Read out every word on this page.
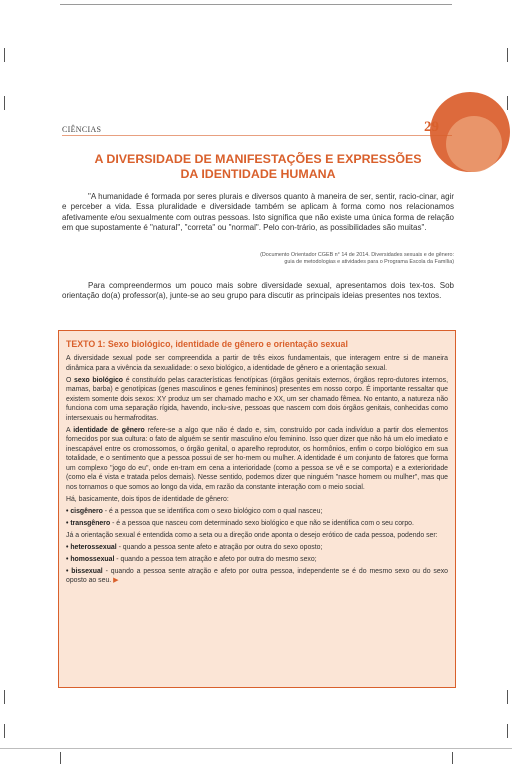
CIÊNCIAS	29
A DIVERSIDADE DE MANIFESTAÇÕES E EXPRESSÕES
DA IDENTIDADE HUMANA
"A humanidade é formada por seres plurais e diversos quanto à maneira de ser, sentir, racio-cinar, agir e perceber a vida. Essa pluralidade e diversidade também se aplicam à forma como nos relacionamos afetivamente e/ou sexualmente com outras pessoas. Isto significa que não existe uma única forma de relação em que supostamente é "natural", "correta" ou "normal". Pelo con-trário, as possibilidades são muitas".
(Documento Orientador CGEB n° 14 de 2014. Diversidades sexuais e de gênero:
guia de metodologias e atividades para o Programa Escola da Família)
Para compreendermos um pouco mais sobre diversidade sexual, apresentamos dois tex-tos. Sob orientação do(a) professor(a), junte-se ao seu grupo para discutir as principais ideias presentes nos textos.
TEXTO 1: Sexo biológico, identidade de gênero e orientação sexual

A diversidade sexual pode ser compreendida a partir de três eixos fundamentais, que interagem entre si de maneira dinâmica para a vivência da sexualidade: o sexo biológico, a identidade de gênero e a orientação sexual.

O sexo biológico é constituído pelas características fenotípicas (órgãos genitais externos, órgãos repro-dutores internos, mamas, barba) e genotípicas (genes masculinos e genes femininos) presentes em nosso corpo. É importante ressaltar que existem somente dois sexos: XY produz um ser chamado macho e XX, um ser chamado fêmea. No entanto, a natureza não funciona com uma separação rígida, havendo, inclu-sive, pessoas que nascem com dois órgãos genitais, conhecidas como intersexuais ou hermafroditas.

A identidade de gênero refere-se a algo que não é dado e, sim, construído por cada indivíduo a partir dos elementos fornecidos por sua cultura: o fato de alguém se sentir masculino e/ou feminino. Isso quer dizer que não há um elo imediato e inescapável entre os cromossomos, o órgão genital, o aparelho reprodutor, os hormônios, enfim o corpo biológico em sua totalidade, e o sentimento que a pessoa possui de ser ho-mem ou mulher. A identidade é um conjunto de fatores que forma um complexo "jogo do eu", onde en-tram em cena a interioridade (como a pessoa se vê e se comporta) e a exterioridade (como ela é vista e tratada pelos demais). Nesse sentido, podemos dizer que ninguém "nasce homem ou mulher", mas que nos tornamos o que somos ao longo da vida, em razão da constante interação com o meio social.

Há, basicamente, dois tipos de identidade de gênero:

• cisgênero - é a pessoa que se identifica com o sexo biológico com o qual nasceu;

• transgênero - é a pessoa que nasceu com determinado sexo biológico e que não se identifica com o seu corpo.

Já a orientação sexual é entendida como a seta ou a direção onde aponta o desejo erótico de cada pessoa, podendo ser:

• heterossexual - quando a pessoa sente afeto e atração por outra do sexo oposto;

• homossexual - quando a pessoa tem atração e afeto por outra do mesmo sexo;

• bissexual - quando a pessoa sente atração e afeto por outra pessoa, independente se é do mesmo sexo ou do sexo oposto ao seu. ▶
